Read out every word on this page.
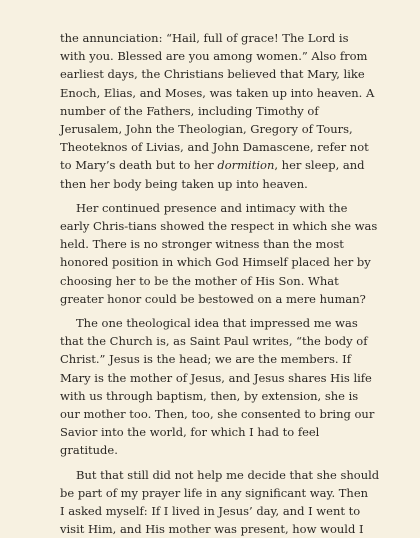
the annunciation: “Hail, full of grace! The Lord is
with you. Blessed are you among women.” Also from
earliest days, the Christians believed that Mary, like
Enoch, Elias, and Moses, was taken up into heaven. A
number of the Fathers, including Timothy of
Jerusalem, John the Theologian, Gregory of Tours,
Theoteknos of Livias, and John Damascene, refer not
to Mary’s death but to her dormition, her sleep, and
then her body being taken up into heaven.
Her continued presence and intimacy with the
early Chris-tians showed the respect in which she was
held. There is no stronger witness than the most
honored position in which God Himself placed her by
choosing her to be the mother of His Son. What
greater honor could be bestowed on a mere human?
The one theological idea that impressed me was
that the Church is, as Saint Paul writes, “the body of
Christ.” Jesus is the head; we are the members. If
Mary is the mother of Jesus, and Jesus shares His life
with us through baptism, then, by extension, she is
our mother too. Then, too, she consented to bring our
Savior into the world, for which I had to feel
gratitude.
But that still did not help me decide that she should
be part of my prayer life in any significant way. Then
I asked myself: If I lived in Jesus’ day, and I went to
visit Him, and His mother was present, how would I
